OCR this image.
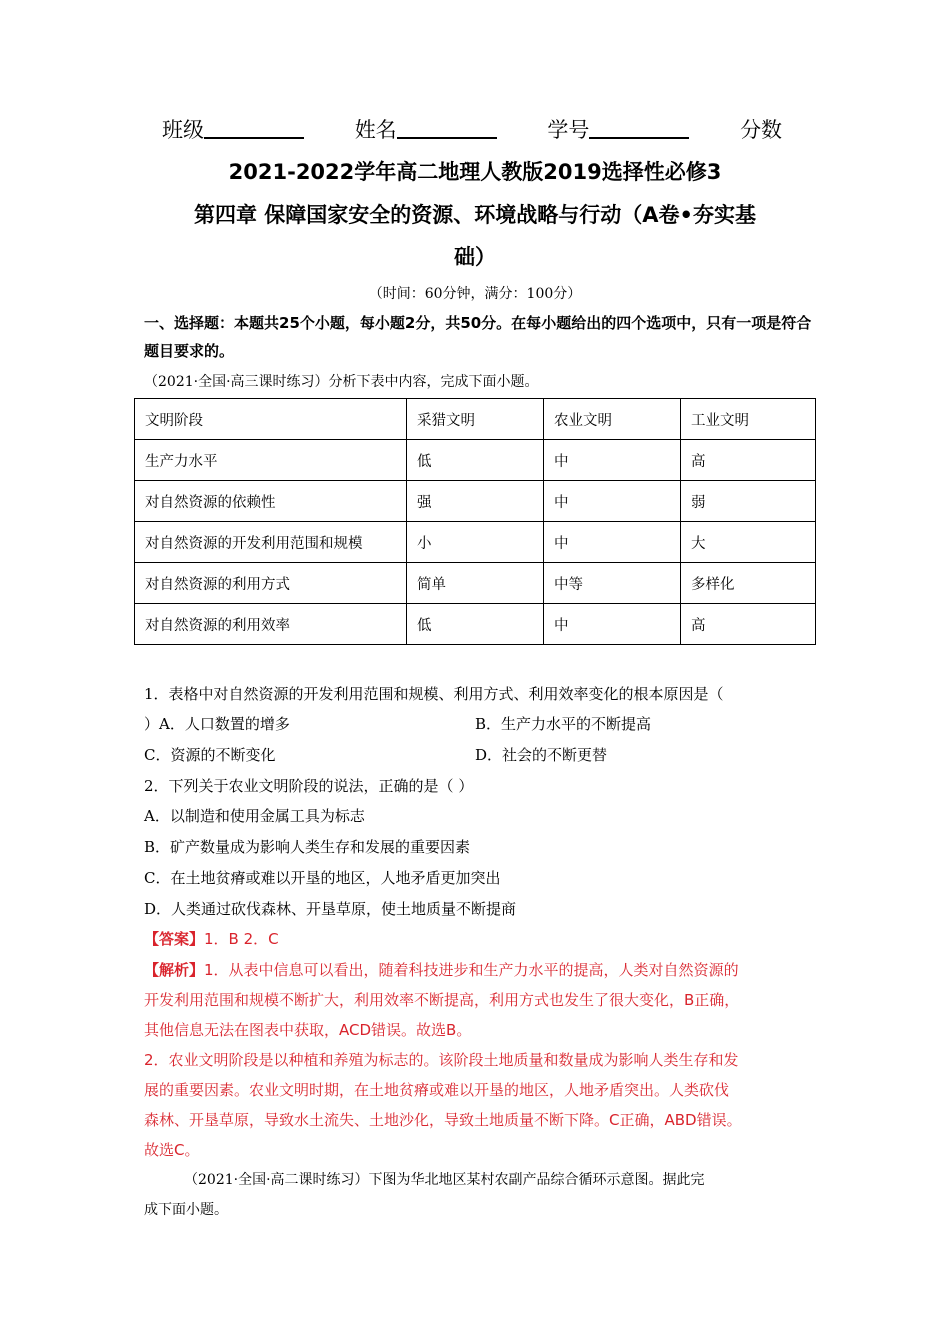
班级	姓名	学号	分数
2021-2022学年高二地理人教版2019选择性必修3
第四章 保障国家安全的资源、环境战略与行动（A卷•夯实基
础）
（时间：60分钟，满分：100分）
一、选择题：本题共25个小题，每小题2分，共50分。在每小题给出的四个选项中，只有一项是符合题目要求的。
（2021·全国·高三课时练习）分析下表中内容，完成下面小题。
文明阶段	采猎文明	农业文明	工业文明
生产力水平	低	中	高
对自然资源的依赖性	强	中	弱
对自然资源的开发利用范围和规模	小	中	大
对自然资源的利用方式	简单	中等	多样化
对自然资源的利用效率	低	中	高
1．表格中对自然资源的开发利用范围和规模、利用方式、利用效率变化的根本原因是（
）A．人口数置的增多	B．生产力水平的不断提高
C．资源的不断变化	D．社会的不断更替
2．下列关于农业文明阶段的说法，正确的是（ ）
A．以制造和使用金属工具为标志
B．矿产数量成为影响人类生存和发展的重要因素
C．在土地贫瘠或难以开垦的地区，人地矛盾更加突出
D．人类通过砍伐森林、开垦草原，使土地质量不断提商
【答案】1．B 2．C
【解析】1．从表中信息可以看出，随着科技进步和生产力水平的提高，人类对自然资源的
开发利用范围和规模不断扩大，利用效率不断提高，利用方式也发生了很大变化，B正确，
其他信息无法在图表中获取，ACD错误。故选B。
2．农业文明阶段是以种植和养殖为标志的。该阶段土地质量和数量成为影响人类生存和发
展的重要因素。农业文明时期，在土地贫瘠或难以开垦的地区，人地矛盾突出。人类砍伐
森林、开垦草原，导致水土流失、土地沙化，导致土地质量不断下降。C正确，ABD错误。
故选C。
（2021·全国·高二课时练习）下图为华北地区某村农副产品综合循环示意图。据此完
成下面小题。
